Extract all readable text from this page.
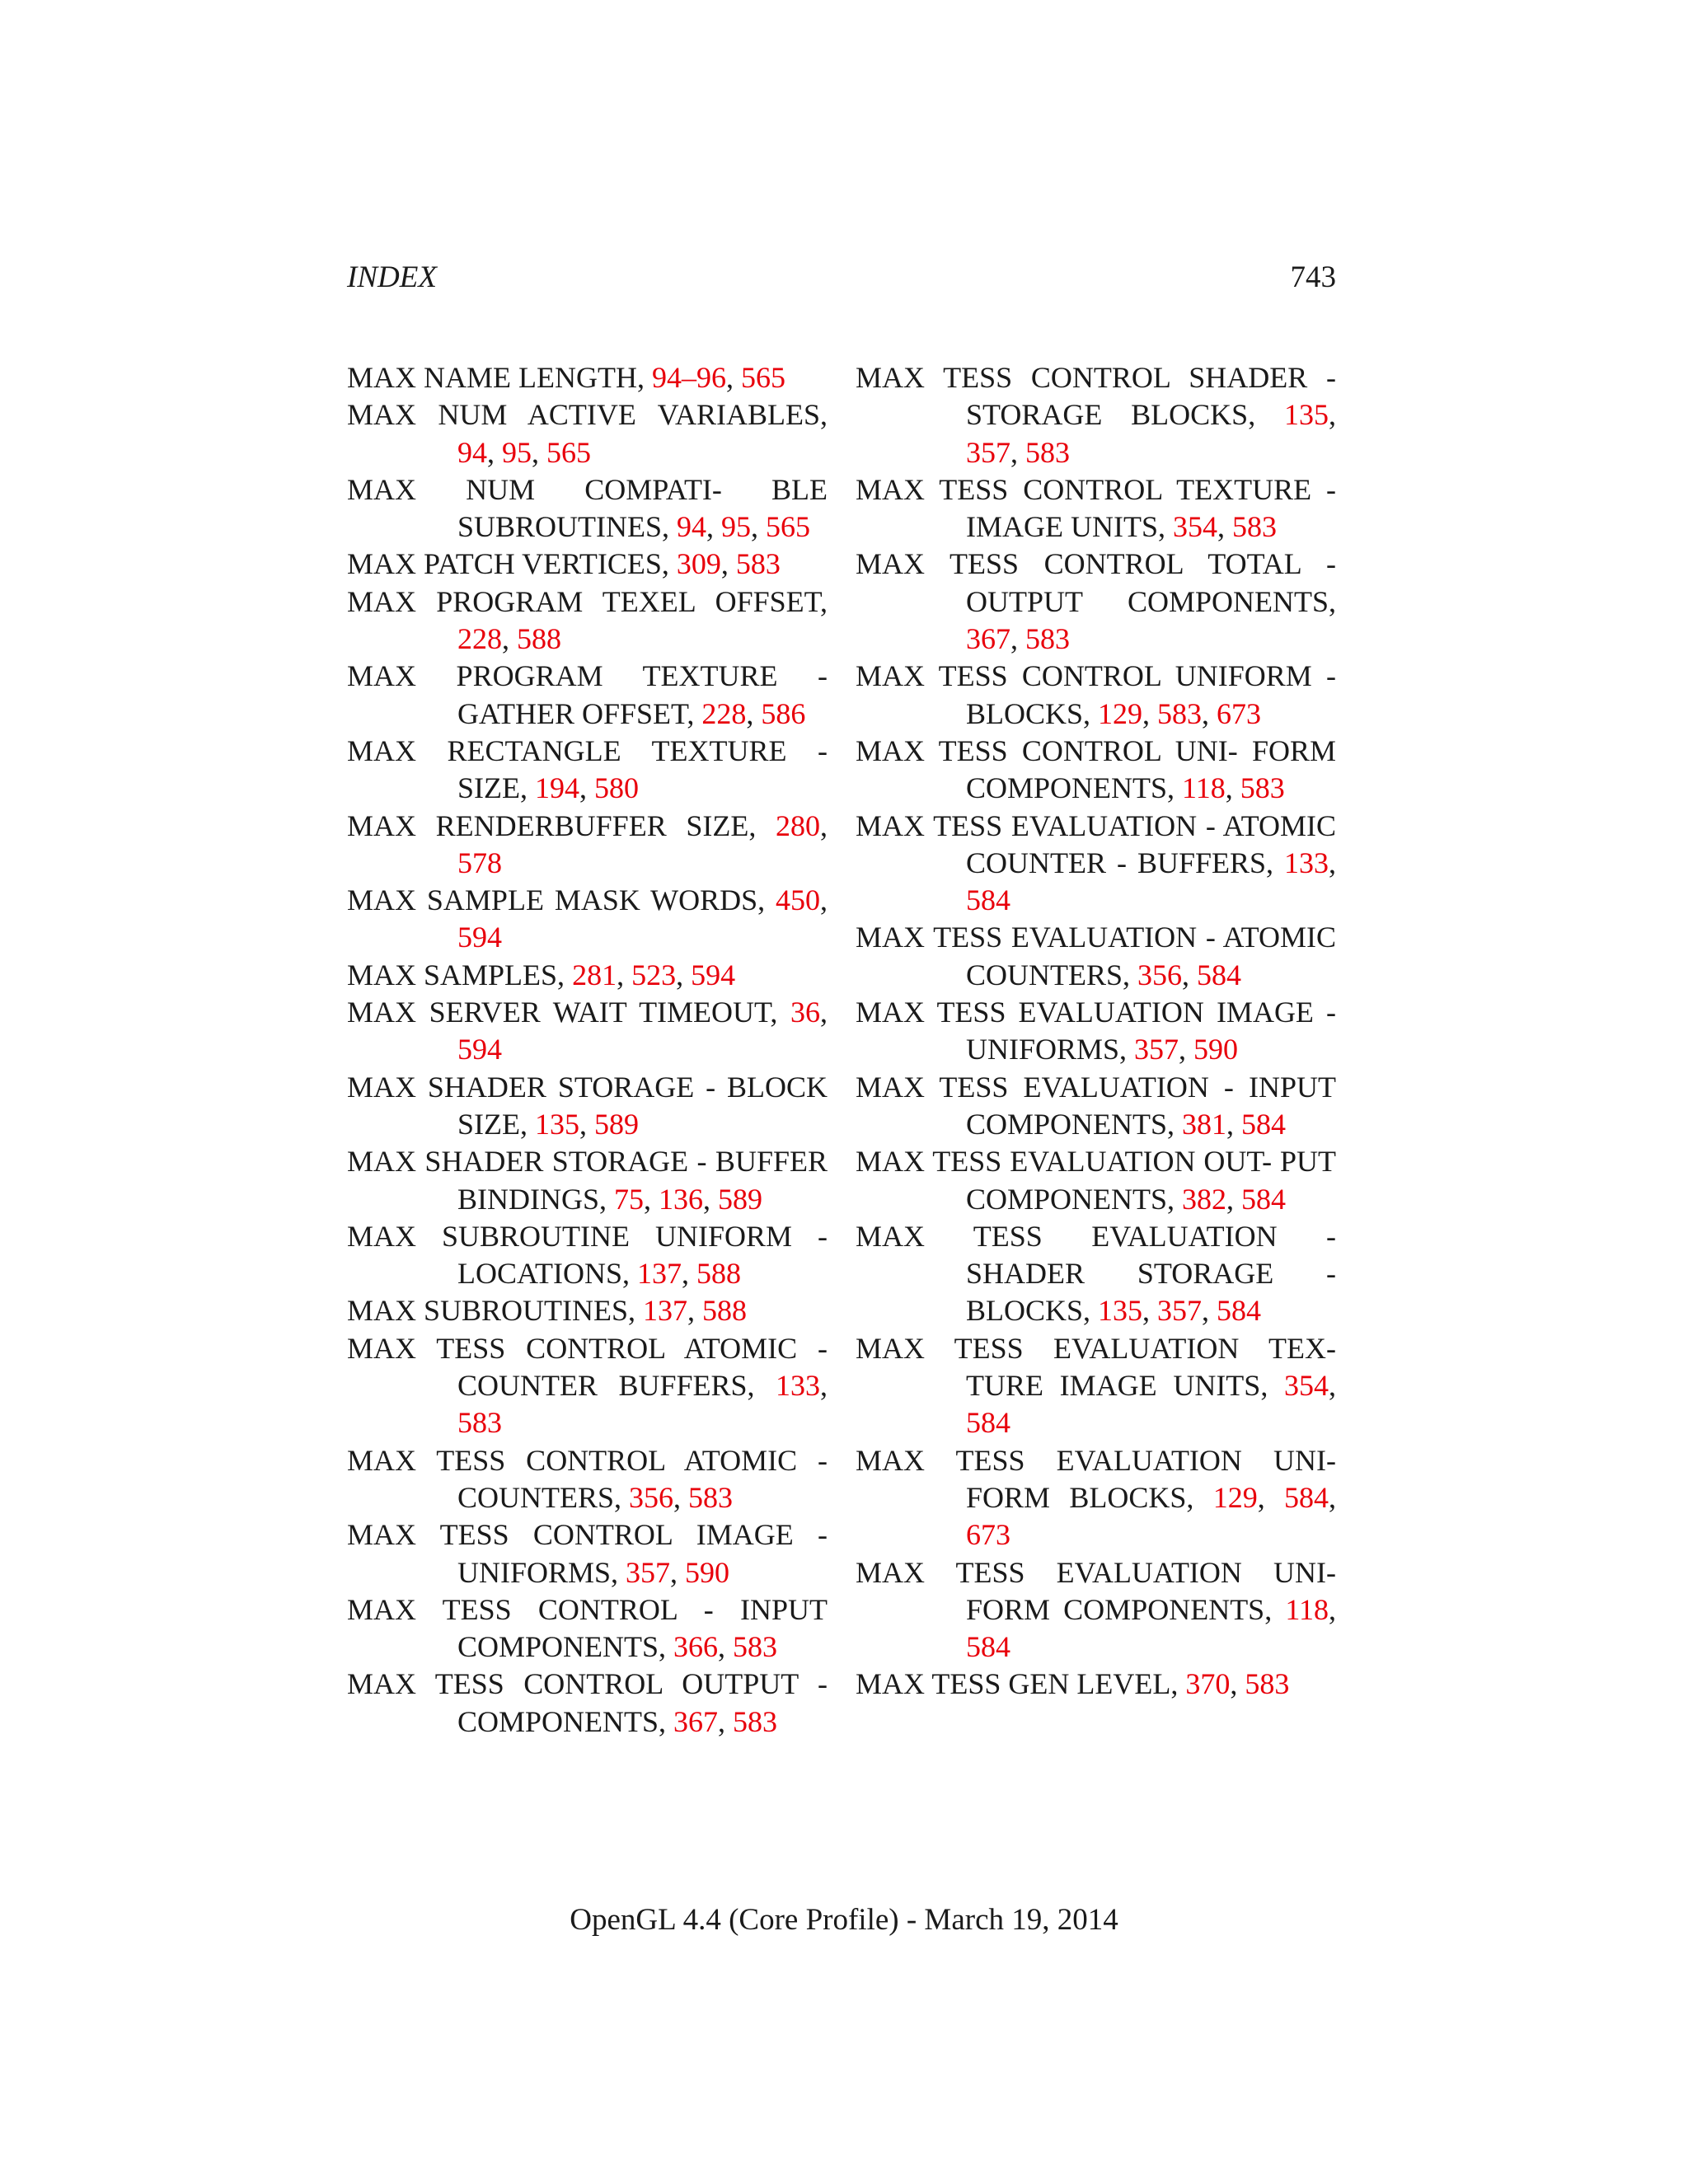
INDEX	743

MAX NAME LENGTH, 94–96, 565

MAX NUM ACTIVE VARIABLES, 94, 95, 565

MAX NUM COMPATI- BLE SUBROUTINES, 94, 95, 565

MAX PATCH VERTICES, 309, 583

MAX PROGRAM TEXEL OFFSET, 228, 588

MAX PROGRAM TEXTURE - GATHER OFFSET, 228, 586

MAX RECTANGLE TEXTURE - SIZE, 194, 580

MAX RENDERBUFFER SIZE, 280, 578

MAX SAMPLE MASK WORDS, 450, 594

MAX SAMPLES, 281, 523, 594

MAX SERVER WAIT TIMEOUT, 36, 594

MAX SHADER STORAGE - BLOCK SIZE, 135, 589

MAX SHADER STORAGE - BUFFER BINDINGS, 75, 136, 589

MAX SUBROUTINE UNIFORM - LOCATIONS, 137, 588

MAX SUBROUTINES, 137, 588

MAX TESS CONTROL ATOMIC - COUNTER BUFFERS, 133, 583

MAX TESS CONTROL ATOMIC - COUNTERS, 356, 583

MAX TESS CONTROL IMAGE - UNIFORMS, 357, 590

MAX TESS CONTROL - INPUT COMPONENTS, 366, 583

MAX TESS CONTROL OUTPUT - COMPONENTS, 367, 583

MAX TESS CONTROL SHADER - STORAGE BLOCKS, 135, 357, 583

MAX TESS CONTROL TEXTURE - IMAGE UNITS, 354, 583

MAX TESS CONTROL TOTAL - OUTPUT COMPONENTS, 367, 583

MAX TESS CONTROL UNIFORM - BLOCKS, 129, 583, 673

MAX TESS CONTROL UNI- FORM COMPONENTS, 118, 583

MAX TESS EVALUATION - ATOMIC COUNTER - BUFFERS, 133, 584

MAX TESS EVALUATION - ATOMIC COUNTERS, 356, 584

MAX TESS EVALUATION IMAGE - UNIFORMS, 357, 590

MAX TESS EVALUATION - INPUT COMPONENTS, 381, 584

MAX TESS EVALUATION OUT- PUT COMPONENTS, 382, 584

MAX TESS EVALUATION - SHADER STORAGE - BLOCKS, 135, 357, 584

MAX TESS EVALUATION TEX- TURE IMAGE UNITS, 354, 584

MAX TESS EVALUATION UNI- FORM BLOCKS, 129, 584, 673

MAX TESS EVALUATION UNI- FORM COMPONENTS, 118, 584

MAX TESS GEN LEVEL, 370, 583

OpenGL 4.4 (Core Profile) - March 19, 2014
